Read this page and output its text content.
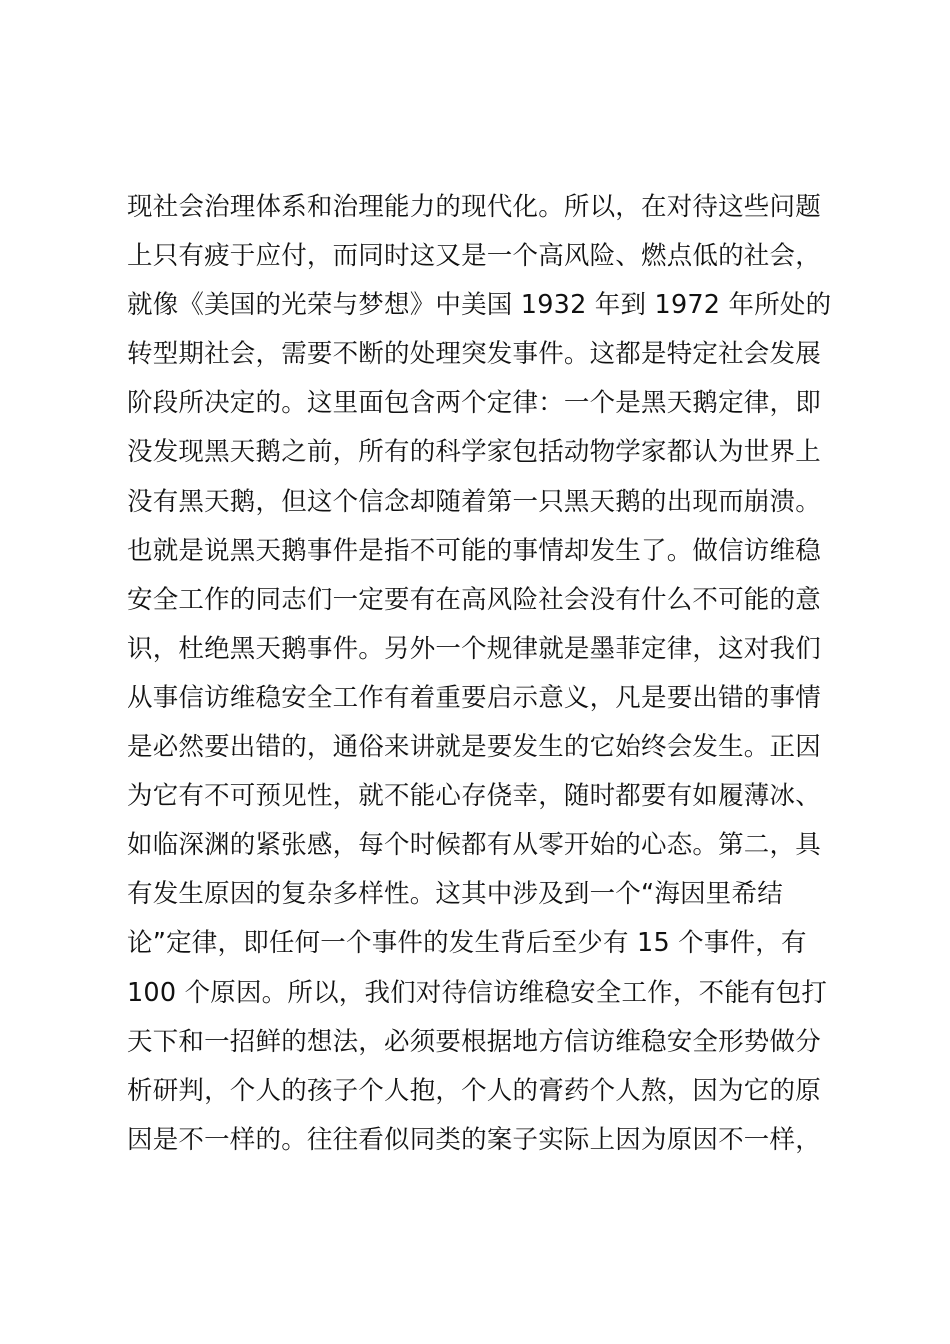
现社会治理体系和治理能力的现代化。所以，在对待这些问题
上只有疲于应付，而同时这又是一个高风险、燃点低的社会，
就像《美国的光荣与梦想》中美国 1932 年到 1972 年所处的
转型期社会，需要不断的处理突发事件。这都是特定社会发展
阶段所决定的。这里面包含两个定律：一个是黑天鹅定律，即
没发现黑天鹅之前，所有的科学家包括动物学家都认为世界上
没有黑天鹅，但这个信念却随着第一只黑天鹅的出现而崩溃。
也就是说黑天鹅事件是指不可能的事情却发生了。做信访维稳
安全工作的同志们一定要有在高风险社会没有什么不可能的意
识，杜绝黑天鹅事件。另外一个规律就是墨菲定律，这对我们
从事信访维稳安全工作有着重要启示意义，凡是要出错的事情
是必然要出错的，通俗来讲就是要发生的它始终会发生。正因
为它有不可预见性，就不能心存侥幸，随时都要有如履薄冰、
如临深渊的紧张感，每个时候都有从零开始的心态。第二，具
有发生原因的复杂多样性。这其中涉及到一个“海因里希结
论”定律，即任何一个事件的发生背后至少有 15 个事件，有
100 个原因。所以，我们对待信访维稳安全工作，不能有包打
天下和一招鲜的想法，必须要根据地方信访维稳安全形势做分
析研判，个人的孩子个人抱，个人的膏药个人熬，因为它的原
因是不一样的。往往看似同类的案子实际上因为原因不一样，
